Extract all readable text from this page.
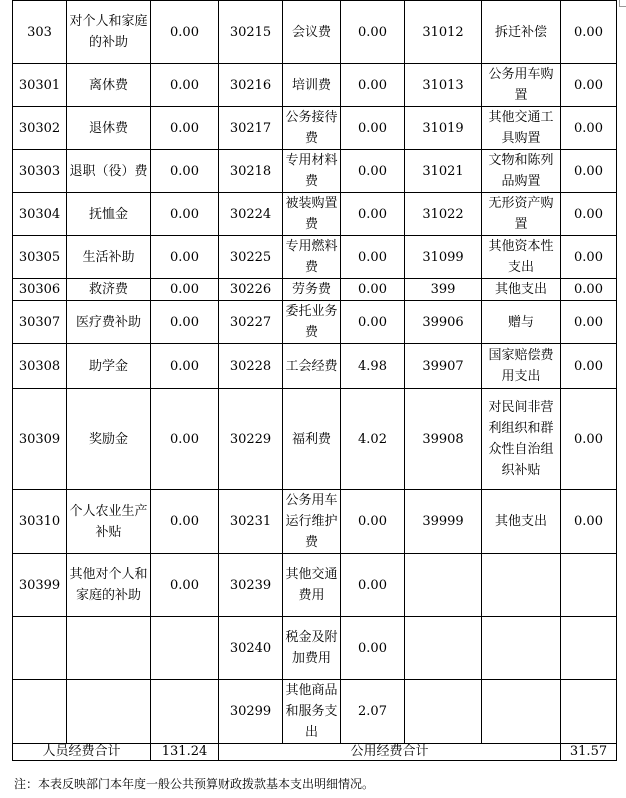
303	对个人和家庭的补助	0.00	30215	会议费	0.00	31012	拆迁补偿	0.00
30301	离休费	0.00	30216	培训费	0.00	31013	公务用车购置	0.00
30302	退休费	0.00	30217	公务接待费	0.00	31019	其他交通工具购置	0.00
30303	退职（役）费	0.00	30218	专用材料费	0.00	31021	文物和陈列品购置	0.00
30304	抚恤金	0.00	30224	被装购置费	0.00	31022	无形资产购置	0.00
30305	生活补助	0.00	30225	专用燃料费	0.00	31099	其他资本性支出	0.00
30306	救济费	0.00	30226	劳务费	0.00	399	其他支出	0.00
30307	医疗费补助	0.00	30227	委托业务费	0.00	39906	赠与	0.00
30308	助学金	0.00	30228	工会经费	4.98	39907	国家赔偿费用支出	0.00
30309	奖励金	0.00	30229	福利费	4.02	39908	对民间非营利组织和群众性自治组织补贴	0.00
30310	个人农业生产补贴	0.00	30231	公务用车运行维护费	0.00	39999	其他支出	0.00
30399	其他对个人和家庭的补助	0.00	30239	其他交通费用	0.00			
			30240	税金及附加费用	0.00			
			30299	其他商品和服务支出	2.07			
人员经费合计		131.24	公用经费合计					31.57
注：本表反映部门本年度一般公共预算财政拨款基本支出明细情况。
